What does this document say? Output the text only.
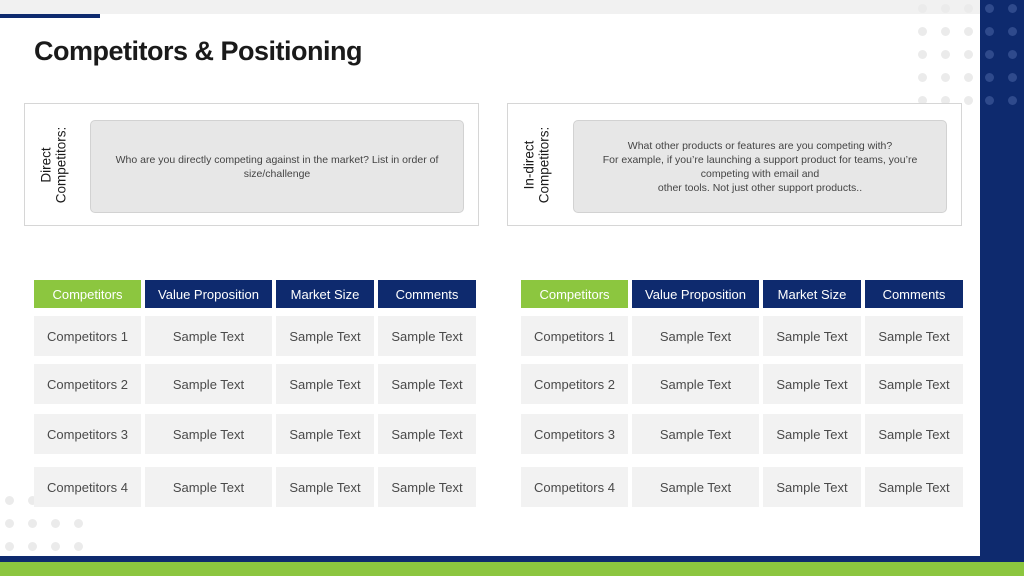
Competitors & Positioning
Direct
Competitors:	Who are you directly competing against in the market? List in order of size/challenge	In-direct
Competitors:	What other products or features are you competing with?
For example, if you’re launching a support product for teams, you’re competing with email and
other tools. Not just other support products..
Competitors	Value Proposition	Market Size	Comments
Competitors 1	Sample Text	Sample Text	Sample Text
Competitors 2	Sample Text	Sample Text	Sample Text
Competitors 3	Sample Text	Sample Text	Sample Text
Competitors 4	Sample Text	Sample Text	Sample Text
Competitors	Value Proposition	Market Size	Comments
Competitors 1	Sample Text	Sample Text	Sample Text
Competitors 2	Sample Text	Sample Text	Sample Text
Competitors 3	Sample Text	Sample Text	Sample Text
Competitors 4	Sample Text	Sample Text	Sample Text
